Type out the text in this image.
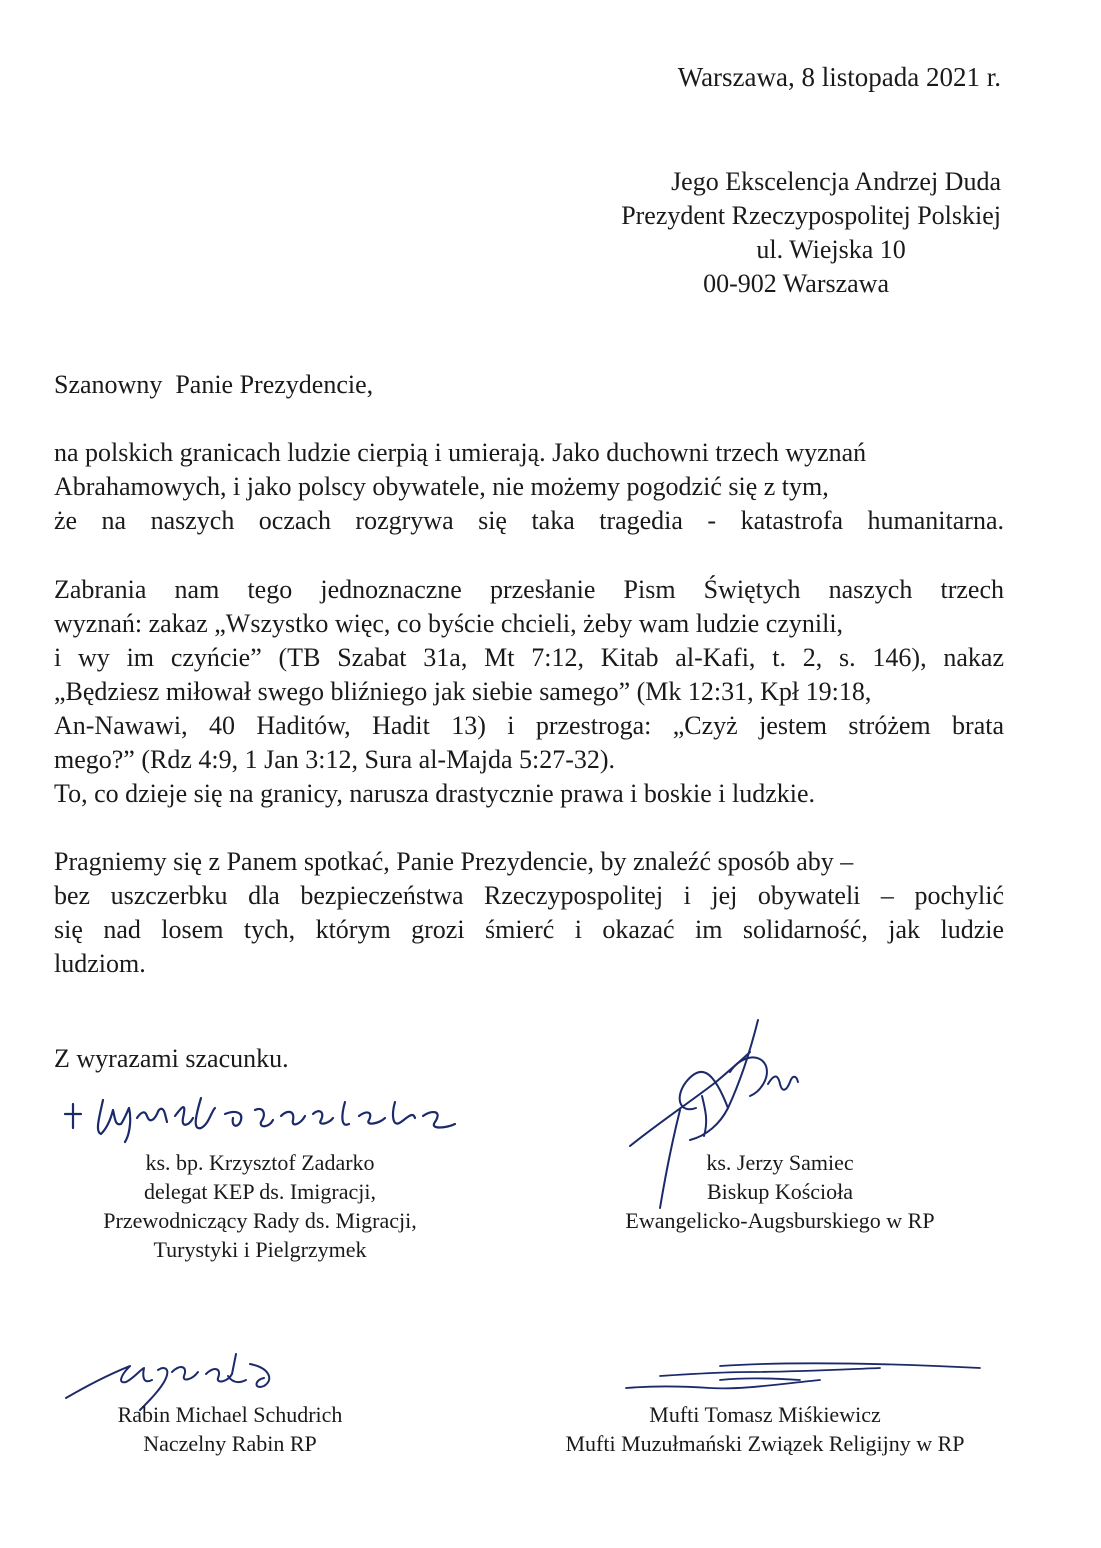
Warszawa, 8 listopada 2021 r.
Jego Ekscelencja Andrzej Duda
Prezydent Rzeczypospolitej Polskiej
ul. Wiejska 10
00-902 Warszawa
Szanowny  Panie Prezydencie,
na polskich granicach ludzie cierpią i umierają. Jako duchowni trzech wyznań
Abrahamowych, i jako polscy obywatele, nie możemy pogodzić się z tym,
że na naszych oczach rozgrywa się taka tragedia - katastrofa humanitarna.
Zabrania nam tego jednoznaczne przesłanie Pism Świętych naszych trzech
wyznań: zakaz „Wszystko więc, co byście chcieli, żeby wam ludzie czynili,
i wy im czyńcie” (TB Szabat 31a, Mt 7:12, Kitab al-Kafi, t. 2, s. 146), nakaz
„Będziesz miłował swego bliźniego jak siebie samego” (Mk 12:31, Kpł 19:18,
An-Nawawi, 40 Haditów, Hadit 13) i przestroga: „Czyż jestem stróżem brata
mego?” (Rdz 4:9, 1 Jan 3:12, Sura al-Majda 5:27-32).
To, co dzieje się na granicy, narusza drastycznie prawa i boskie i ludzkie.
Pragniemy się z Panem spotkać, Panie Prezydencie, by znaleźć sposób aby –
bez uszczerbku dla bezpieczeństwa Rzeczypospolitej i jej obywateli – pochylić
się nad losem tych, którym grozi śmierć i okazać im solidarność, jak ludzie
ludziom.
Z wyrazami szacunku.
ks. bp. Krzysztof Zadarko
delegat KEP ds. Imigracji,
Przewodniczący Rady ds. Migracji,
Turystyki i Pielgrzymek
ks. Jerzy Samiec
Biskup Kościoła
Ewangelicko-Augsburskiego w RP
Rabin Michael Schudrich
Naczelny Rabin RP
Mufti Tomasz Miśkiewicz
Mufti Muzułmański Związek Religijny w RP
